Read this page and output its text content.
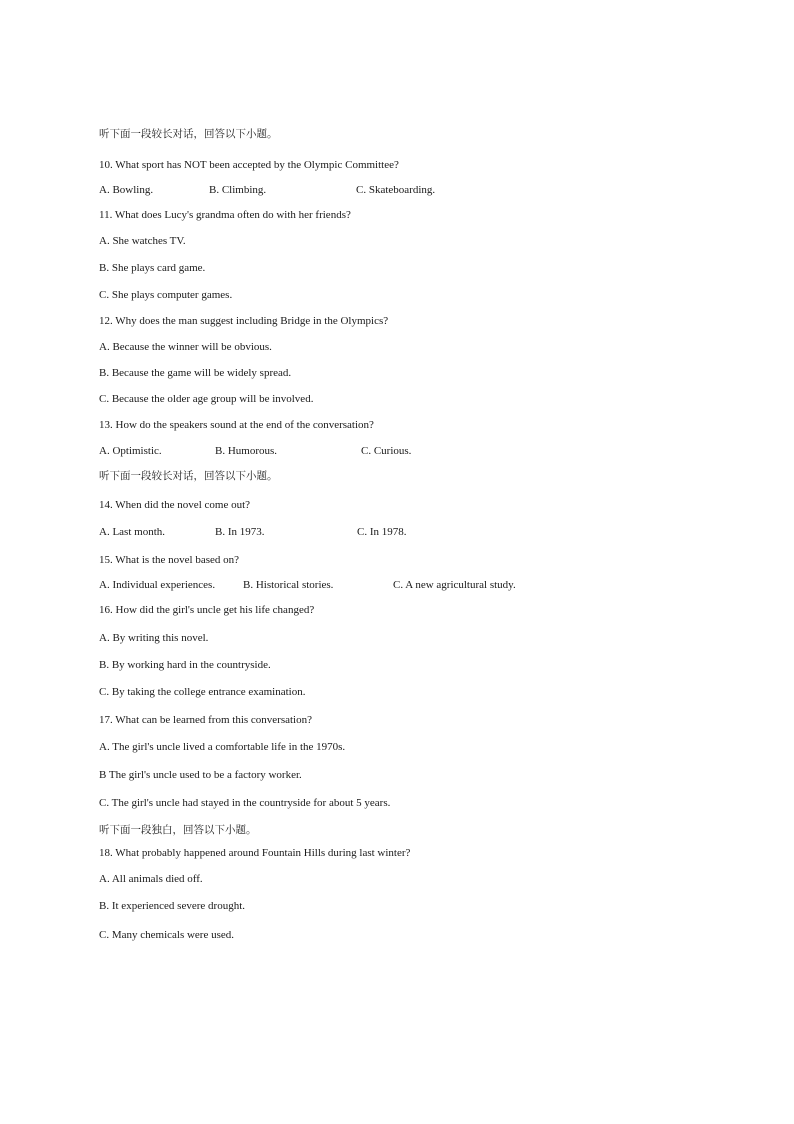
听下面一段较长对话，回答以下小题。
10. What sport has NOT been accepted by the Olympic Committee?
A. Bowling.	B. Climbing.	C. Skateboarding.
11. What does Lucy's grandma often do with her friends?
A. She watches TV.
B. She plays card game.
C. She plays computer games.
12. Why does the man suggest including Bridge in the Olympics?
A. Because the winner will be obvious.
B. Because the game will be widely spread.
C. Because the older age group will be involved.
13. How do the speakers sound at the end of the conversation?
A. Optimistic.	B. Humorous.	C. Curious.
听下面一段较长对话，回答以下小题。
14. When did the novel come out?
A. Last month.	B. In 1973.	C. In 1978.
15. What is the novel based on?
A. Individual experiences.	B. Historical stories.	C. A new agricultural study.
16. How did the girl's uncle get his life changed?
A. By writing this novel.
B. By working hard in the countryside.
C. By taking the college entrance examination.
17. What can be learned from this conversation?
A. The girl's uncle lived a comfortable life in the 1970s.
B The girl's uncle used to be a factory worker.
C. The girl's uncle had stayed in the countryside for about 5 years.
听下面一段独白，回答以下小题。
18. What probably happened around Fountain Hills during last winter?
A. All animals died off.
B. It experienced severe drought.
C. Many chemicals were used.
